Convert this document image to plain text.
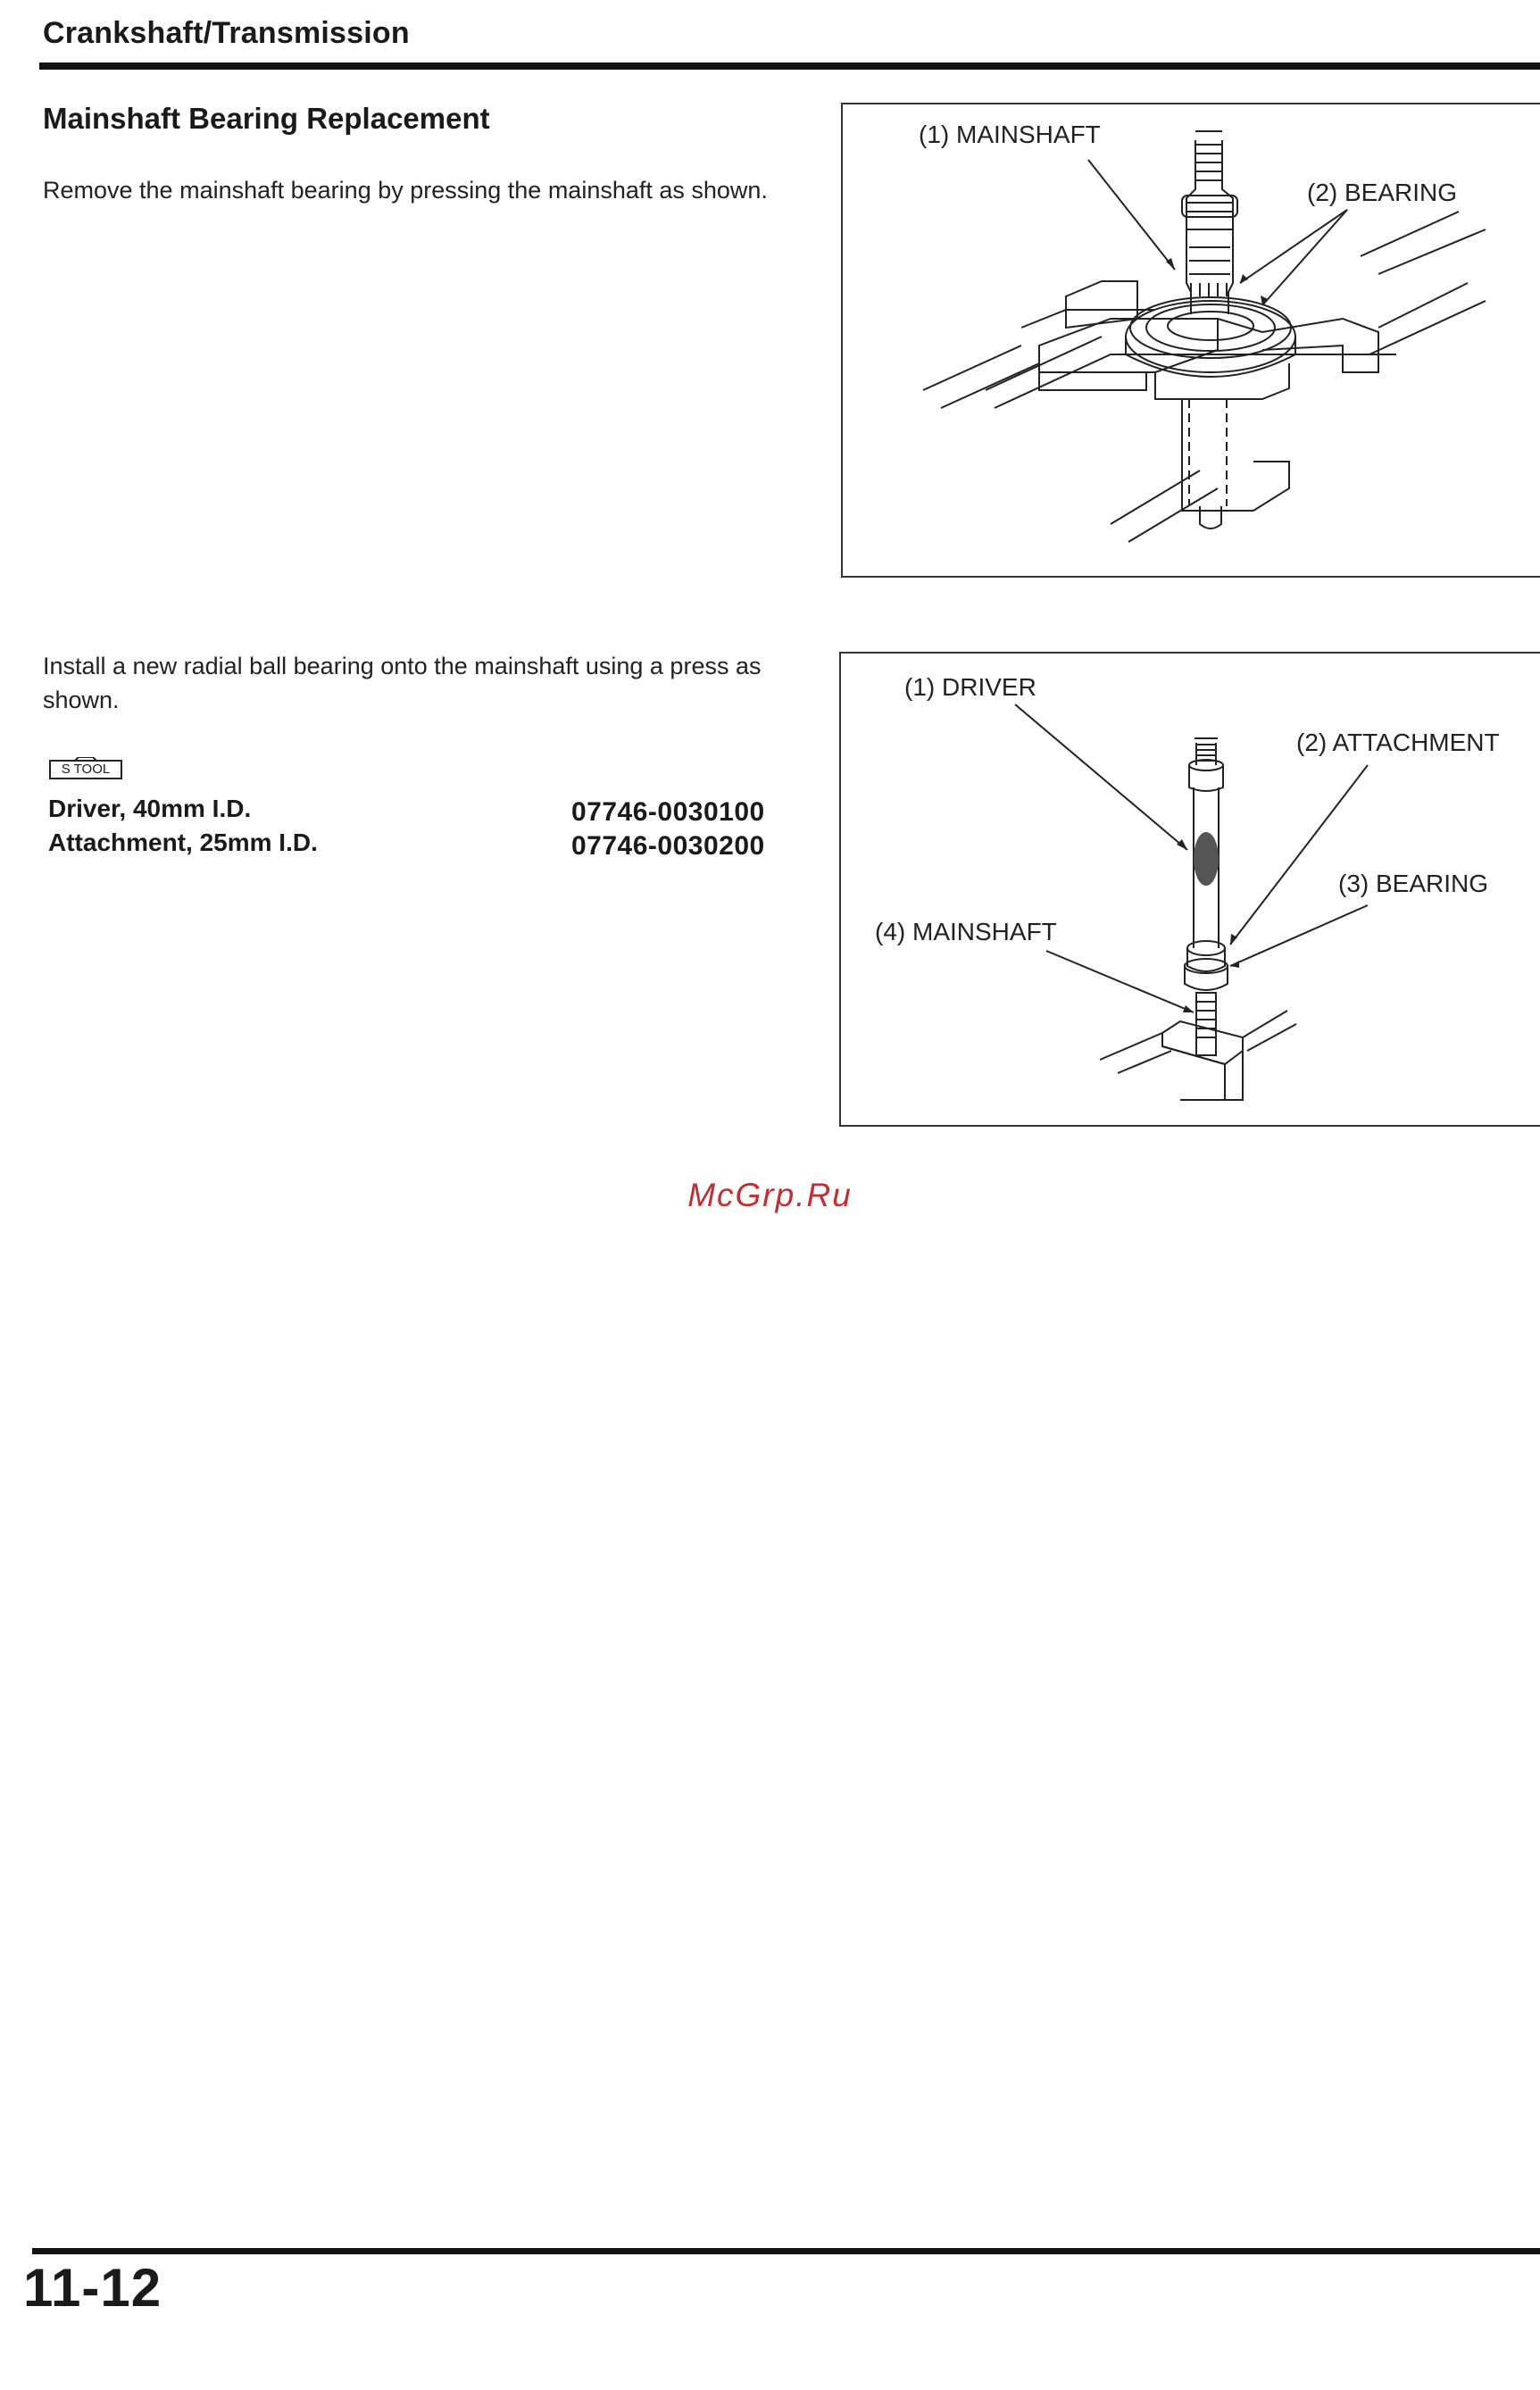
Crankshaft/Transmission
Mainshaft Bearing Replacement
Remove the mainshaft bearing by pressing the mainshaft as shown.
(1) MAINSHAFT
(2) BEARING
Install a new radial ball bearing onto the mainshaft using a press as shown.
S TOOL
Driver, 40mm I.D.	07746-0030100
Attachment, 25mm I.D.	07746-0030200
(1) DRIVER
(2) ATTACHMENT
(3) BEARING
(4) MAINSHAFT
McGrp.Ru
11-12
